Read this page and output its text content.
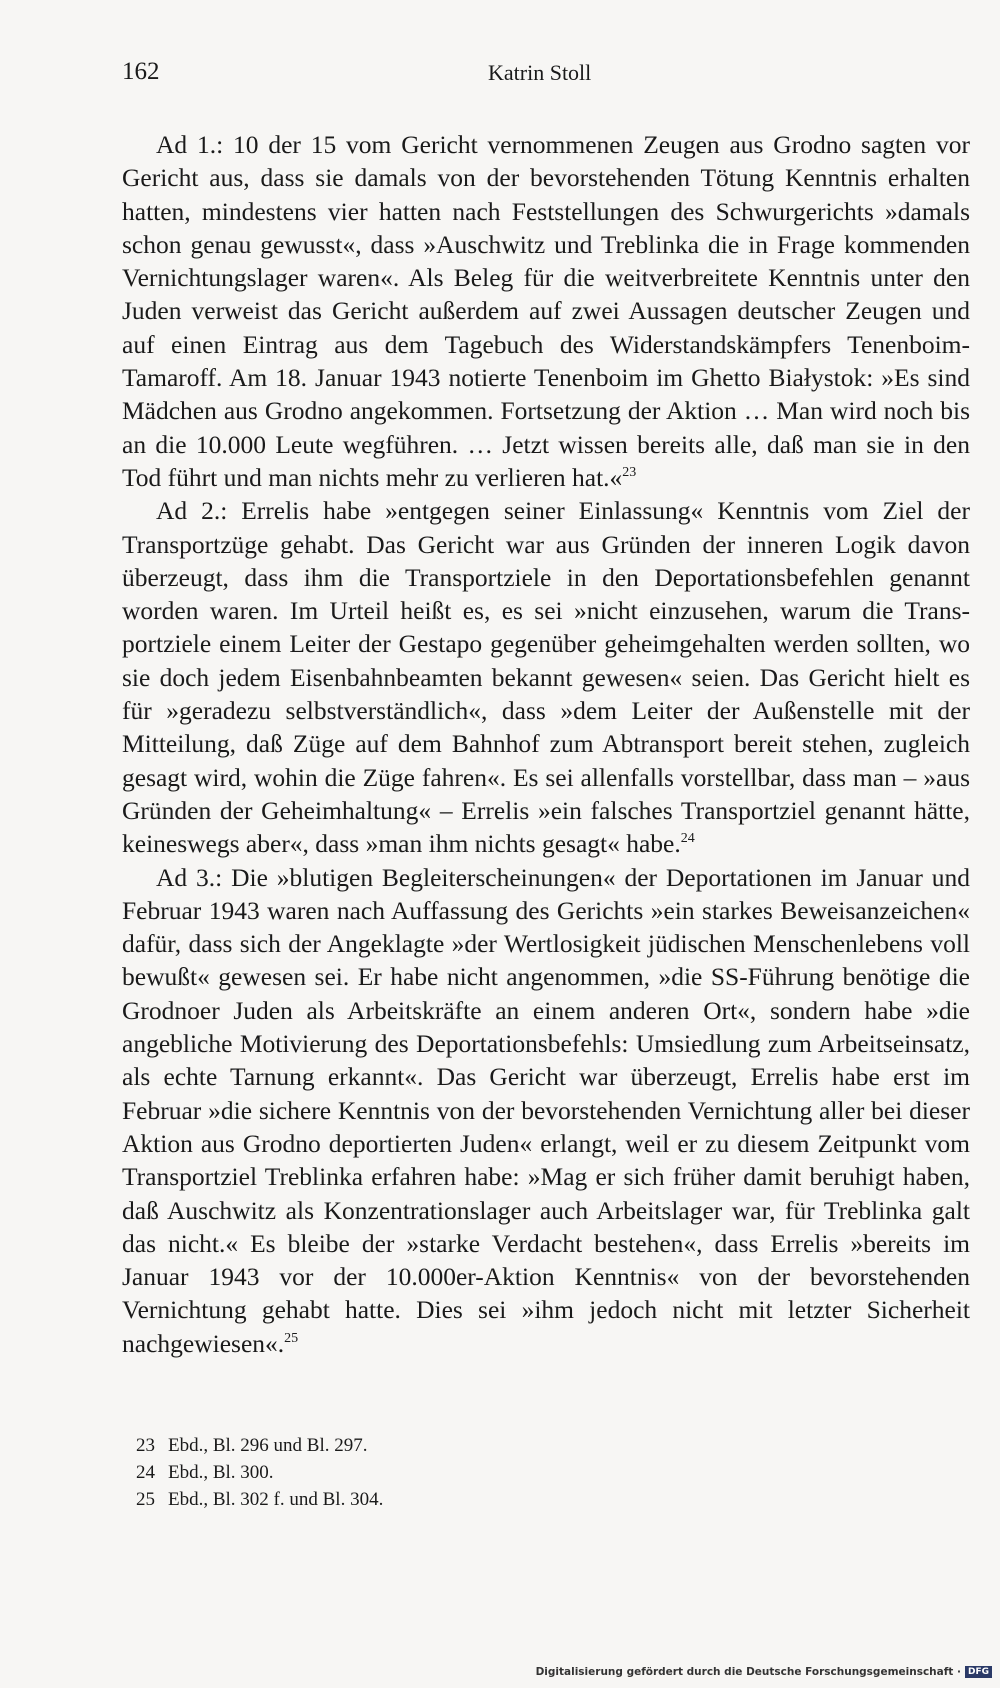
162	Katrin Stoll

Ad 1.: 10 der 15 vom Gericht vernommenen Zeugen aus Grodno sagten vor Gericht aus, dass sie damals von der bevorstehenden Tötung Kenntnis erhalten hatten, mindestens vier hatten nach Feststellungen des Schwurgerichts »damals schon genau gewusst«, dass »Auschwitz und Treblinka die in Frage kommenden Vernichtungslager waren«. Als Beleg für die weitverbreitete Kenntnis unter den Juden verweist das Gericht außerdem auf zwei Aussagen deutscher Zeugen und auf einen Eintrag aus dem Tagebuch des Widerstandskämpfers Tenenboim-Tamaroff. Am 18. Januar 1943 notierte Tenenboim im Ghetto Białystok: »Es sind Mädchen aus Grodno angekommen. Fortsetzung der Aktion … Man wird noch bis an die 10.000 Leute wegführen. … Jetzt wissen bereits alle, daß man sie in den Tod führt und man nichts mehr zu verlieren hat.«$^{23}$

Ad 2.: Errelis habe »entgegen seiner Einlassung« Kenntnis vom Ziel der Transportzüge gehabt. Das Gericht war aus Gründen der inneren Logik davon überzeugt, dass ihm die Transportziele in den Deportationsbefehlen genannt worden waren. Im Urteil heißt es, es sei »nicht einzusehen, warum die Transportziele einem Leiter der Gestapo gegenüber geheimgehalten werden sollten, wo sie doch jedem Eisenbahnbeamten bekannt gewesen« seien. Das Gericht hielt es für »geradezu selbstverständlich«, dass »dem Leiter der Außenstelle mit der Mitteilung, daß Züge auf dem Bahnhof zum Abtransport bereit stehen, zugleich gesagt wird, wohin die Züge fahren«. Es sei allenfalls vorstellbar, dass man – »aus Gründen der Geheimhaltung« – Errelis »ein falsches Transportziel genannt hätte, keineswegs aber«, dass »man ihm nichts gesagt« habe.$^{24}$

Ad 3.: Die »blutigen Begleiterscheinungen« der Deportationen im Januar und Februar 1943 waren nach Auffassung des Gerichts »ein starkes Beweisanzeichen« dafür, dass sich der Angeklagte »der Wertlosigkeit jüdischen Menschenlebens voll bewußt« gewesen sei. Er habe nicht angenommen, »die SS-Führung benötige die Grodnoer Juden als Arbeitskräfte an einem anderen Ort«, sondern habe »die angebliche Motivierung des Deportationsbefehls: Umsiedlung zum Arbeitseinsatz, als echte Tarnung erkannt«. Das Gericht war überzeugt, Errelis habe erst im Februar »die sichere Kenntnis von der bevorstehenden Vernichtung aller bei dieser Aktion aus Grodno deportierten Juden« erlangt, weil er zu diesem Zeitpunkt vom Transportziel Treblinka erfahren habe: »Mag er sich früher damit beruhigt haben, daß Auschwitz als Konzentrationslager auch Arbeitslager war, für Treblinka galt das nicht.« Es bleibe der »starke Verdacht bestehen«, dass Errelis »bereits im Januar 1943 vor der 10.000er-Aktion Kenntnis« von der bevorstehenden Vernichtung gehabt hatte. Dies sei »ihm jedoch nicht mit letzter Sicherheit nachgewiesen«.$^{25}$

23 Ebd., Bl. 296 und Bl. 297.
24 Ebd., Bl. 300.
25 Ebd., Bl. 302 f. und Bl. 304.
Digitalisierung gefördert durch die Deutsche Forschungsgemeinschaft · DFG
